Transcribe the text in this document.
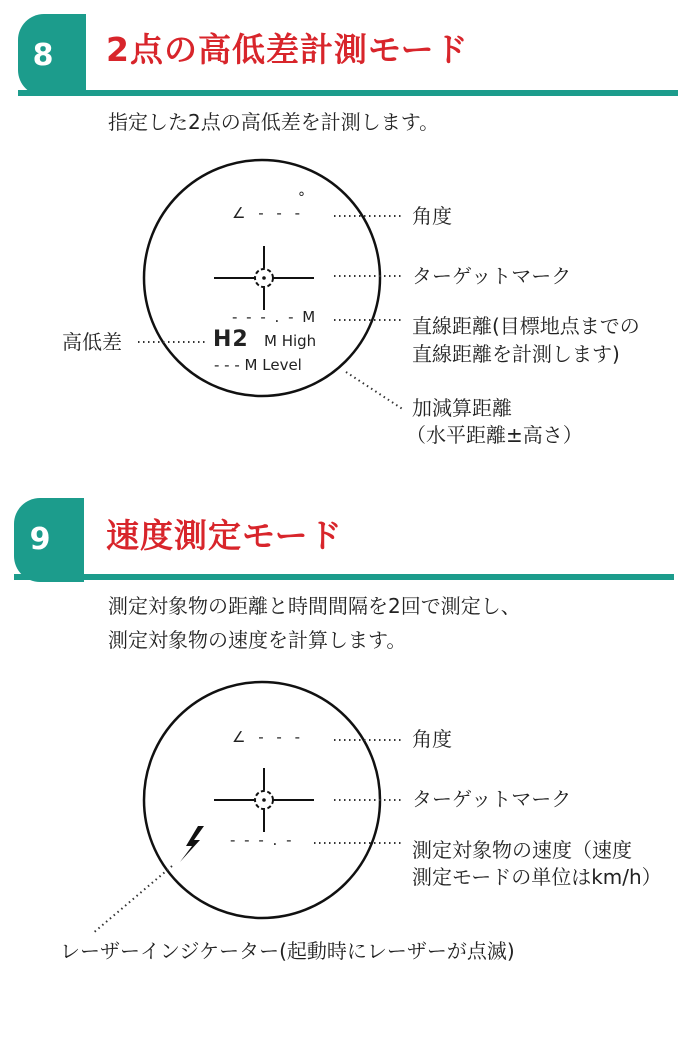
8	2点の高低差計測モード
指定した2点の高低差を計測します。
∠ - - -
°
- - - . - M
H2 M High
- - - M Level
角度
ターゲットマーク
直線距離(目標地点までの
直線距離を計測します)
高低差
加減算距離
（水平距離±高さ）
9	速度測定モード
測定対象物の距離と時間間隔を2回で測定し、
測定対象物の速度を計算します。
∠ - - -
- - - . -
角度
ターゲットマーク
測定対象物の速度（速度
測定モードの単位はkm/h）
レーザーインジケーター(起動時にレーザーが点滅)
